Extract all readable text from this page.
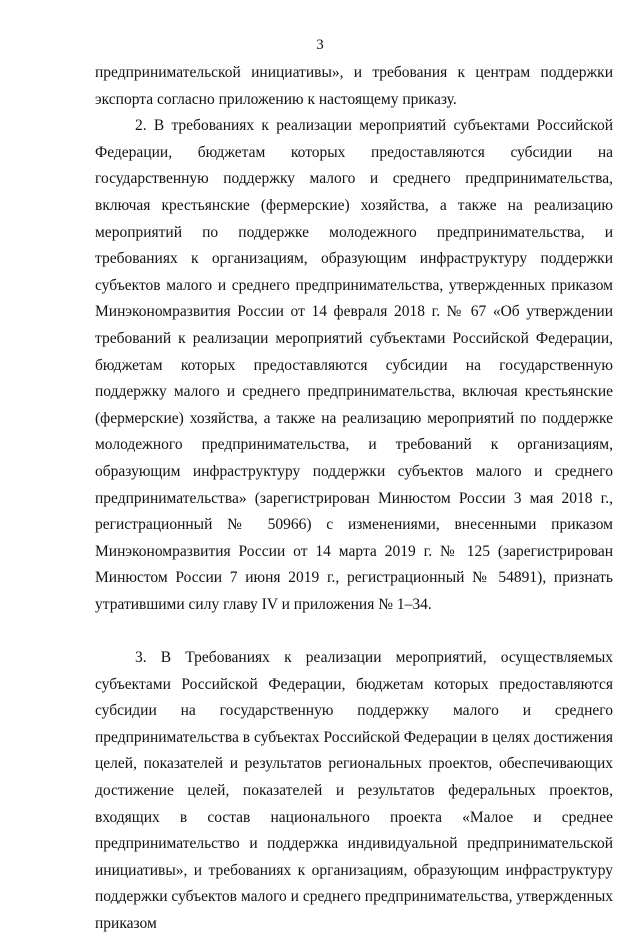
3

предпринимательской инициативы», и требования к центрам поддержки экспорта согласно приложению к настоящему приказу.

2. В требованиях к реализации мероприятий субъектами Российской Федерации, бюджетам которых предоставляются субсидии на государственную поддержку малого и среднего предпринимательства, включая крестьянские (фермерские) хозяйства, а также на реализацию мероприятий по поддержке молодежного предпринимательства, и требованиях к организациям, образующим инфраструктуру поддержки субъектов малого и среднего предпринимательства, утвержденных приказом Минэкономразвития России от 14 февраля 2018 г. № 67 «Об утверждении требований к реализации мероприятий субъектами Российской Федерации, бюджетам которых предоставляются субсидии на государственную поддержку малого и среднего предпринимательства, включая крестьянские (фермерские) хозяйства, а также на реализацию мероприятий по поддержке молодежного предпринимательства, и требований к организациям, образующим инфраструктуру поддержки субъектов малого и среднего предпринимательства» (зарегистрирован Минюстом России 3 мая 2018 г., регистрационный № 50966) с изменениями, внесенными приказом Минэкономразвития России от 14 марта 2019 г. № 125 (зарегистрирован Минюстом России 7 июня 2019 г., регистрационный № 54891), признать утратившими силу главу IV и приложения № 1–34.

3. В Требованиях к реализации мероприятий, осуществляемых субъектами Российской Федерации, бюджетам которых предоставляются субсидии на государственную поддержку малого и среднего предпринимательства в субъектах Российской Федерации в целях достижения целей, показателей и результатов региональных проектов, обеспечивающих достижение целей, показателей и результатов федеральных проектов, входящих в состав национального проекта «Малое и среднее предпринимательство и поддержка индивидуальной предпринимательской инициативы», и требованиях к организациям, образующим инфраструктуру поддержки субъектов малого и среднего предпринимательства, утвержденных приказом
